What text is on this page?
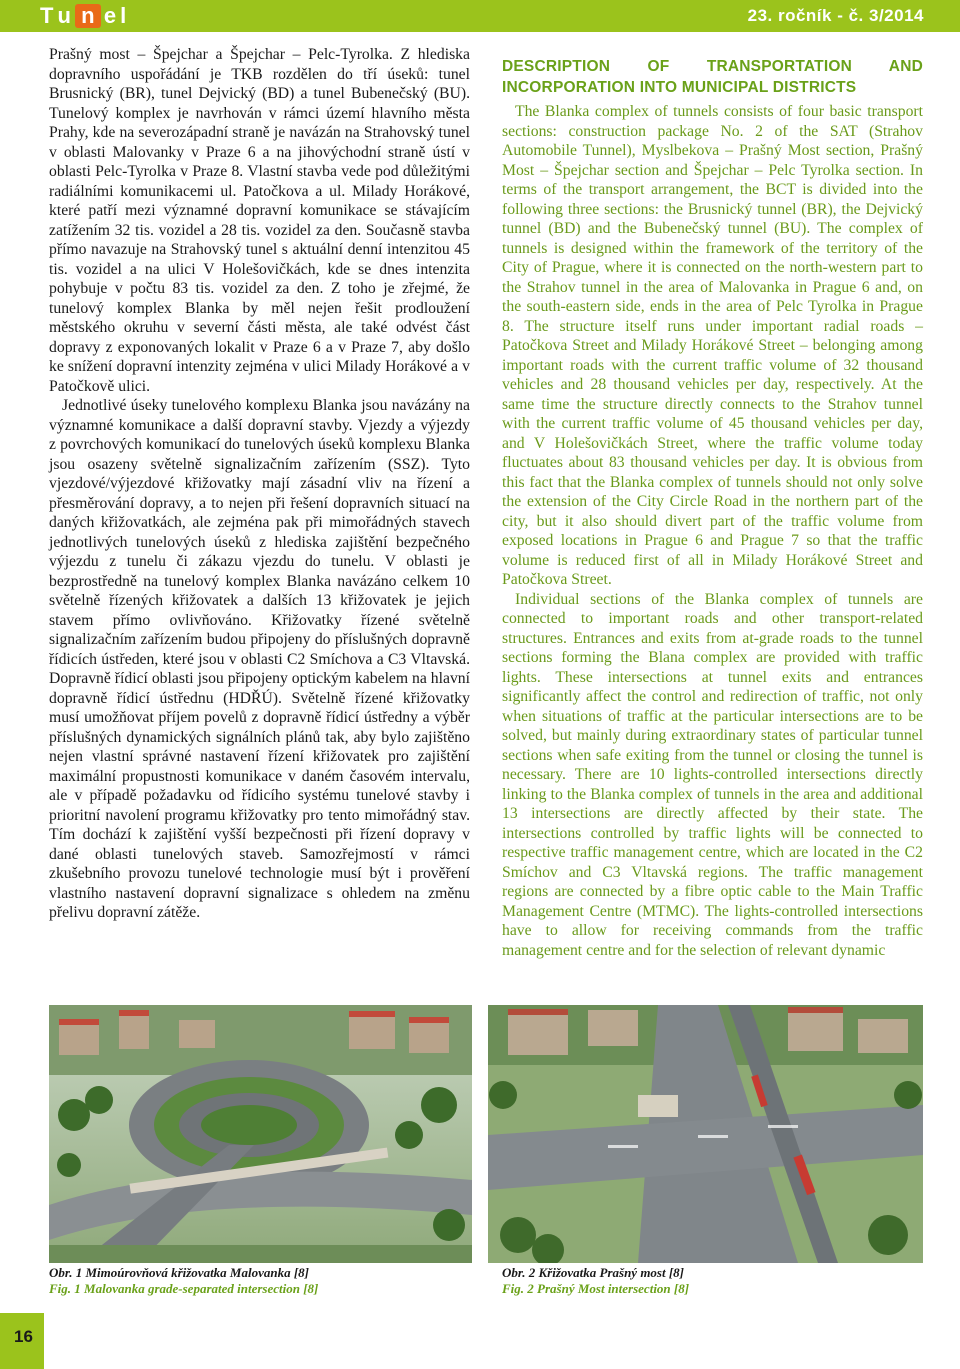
T u n e l	23. ročník - č. 3/2014

Prašný most – Špejchar a Špejchar – Pelc-Tyrolka. Z hlediska dopravního uspořádání je TKB rozdělen do tří úseků: tunel Brusnický (BR), tunel Dejvický (BD) a tunel Bubenečský (BU). Tunelový komplex je navrhován v rámci území hlavního města Prahy, kde na severozápadní straně je navázán na Strahovský tunel v oblasti Malovanky v Praze 6 a na jihovýchodní straně ústí v oblasti Pelc-Tyrolka v Praze 8. Vlastní stavba vede pod důležitými radiálními komunikacemi ul. Patočkova a ul. Milady Horákové, které patří mezi významné dopravní komunikace se stávajícím zatížením 32 tis. vozidel a 28 tis. vozidel za den. Současně stavba přímo navazuje na Strahovský tunel s aktuální denní intenzitou 45 tis. vozidel a na ulici V Holešovičkách, kde se dnes intenzita pohybuje v počtu 83 tis. vozidel za den. Z toho je zřejmé, že tunelový komplex Blanka by měl nejen řešit prodloužení městského okruhu v severní části města, ale také odvést část dopravy z exponovaných lokalit v Praze 6 a v Praze 7, aby došlo ke snížení dopravní intenzity zejména v ulici Milady Horákové a v Patočkově ulici.

Jednotlivé úseky tunelového komplexu Blanka jsou navázány na významné komunikace a další dopravní stavby. Vjezdy a výjezdy z povrchových komunikací do tunelových úseků komplexu Blanka jsou osazeny světelně signalizačním zařízením (SSZ). Tyto vjezdové/výjezdové křižovatky mají zásadní vliv na řízení a přesměrování dopravy, a to nejen při řešení dopravních situací na daných křižovatkách, ale zejména pak při mimořádných stavech jednotlivých tunelových úseků z hlediska zajištění bezpečného výjezdu z tunelu či zákazu vjezdu do tunelu. V oblasti je bezprostředně na tunelový komplex Blanka navázáno celkem 10 světelně řízených křižovatek a dalších 13 křižovatek je jejich stavem přímo ovlivňováno. Křižovatky řízené světelně signalizačním zařízením budou připojeny do příslušných dopravně řídicích ústředen, které jsou v oblasti C2 Smíchova a C3 Vltavská. Dopravně řídicí oblasti jsou připojeny optickým kabelem na hlavní dopravně řídicí ústřednu (HDŘÚ). Světelně řízené křižovatky musí umožňovat příjem povelů z dopravně řídicí ústředny a výběr příslušných dynamických signálních plánů tak, aby bylo zajištěno nejen vlastní správné nastavení řízení křižovatek pro zajištění maximální propustnosti komunikace v daném časovém intervalu, ale v případě požadavku od řídicího systému tunelové stavby i prioritní navolení programu křižovatky pro tento mimořádný stav. Tím dochází k zajištění vyšší bezpečnosti při řízení dopravy v dané oblasti tunelových staveb. Samozřejmostí v rámci zkušebního provozu tunelové technologie musí být i prověření vlastního nastavení dopravní signalizace s ohledem na změnu přelivu dopravní zátěže.

DESCRIPTION OF TRANSPORTATION AND INCORPORATION INTO MUNICIPAL DISTRICTS

The Blanka complex of tunnels consists of four basic transport sections: construction package No. 2 of the SAT (Strahov Automobile Tunnel), Myslbekova – Prašný Most section, Prašný Most – Špejchar section and Špejchar – Pelc Tyrolka section. In terms of the transport arrangement, the BCT is divided into the following three sections: the Brusnický tunnel (BR), the Dejvický tunnel (BD) and the Bubenečský tunnel (BU). The complex of tunnels is designed within the framework of the territory of the City of Prague, where it is connected on the north-western part to the Strahov tunnel in the area of Malovanka in Prague 6 and, on the south-eastern side, ends in the area of Pelc Tyrolka in Prague 8. The structure itself runs under important radial roads – Patočkova Street and Milady Horákové Street – belonging among important roads with the current traffic volume of 32 thousand vehicles and 28 thousand vehicles per day, respectively. At the same time the structure directly connects to the Strahov tunnel with the current traffic volume of 45 thousand vehicles per day, and V Holešovičkách Street, where the traffic volume today fluctuates about 83 thousand vehicles per day. It is obvious from this fact that the Blanka complex of tunnels should not only solve the extension of the City Circle Road in the northern part of the city, but it also should divert part of the traffic volume from exposed locations in Prague 6 and Prague 7 so that the traffic volume is reduced first of all in Milady Horákové Street and Patočkova Street.

Individual sections of the Blanka complex of tunnels are connected to important roads and other transport-related structures. Entrances and exits from at-grade roads to the tunnel sections forming the Blana complex are provided with traffic lights. These intersections at tunnel exits and entrances significantly affect the control and redirection of traffic, not only when situations of traffic at the particular intersections are to be solved, but mainly during extraordinary states of particular tunnel sections when safe exiting from the tunnel or closing the tunnel is necessary. There are 10 lights-controlled intersections directly linking to the Blanka complex of tunnels in the area and additional 13 intersections are directly affected by their state. The intersections controlled by traffic lights will be connected to respective traffic management centre, which are located in the C2 Smíchov and C3 Vltavská regions. The traffic management regions are connected by a fibre optic cable to the Main Traffic Management Centre (MTMC). The lights-controlled intersections have to allow for receiving commands from the traffic management centre and for the selection of relevant dynamic

Obr. 1 Mimoúrovňová křižovatka Malovanka [8]
Fig. 1 Malovanka grade-separated intersection [8]
Obr. 2 Křižovatka Prašný most [8]
Fig. 2 Prašný Most intersection [8]
16
